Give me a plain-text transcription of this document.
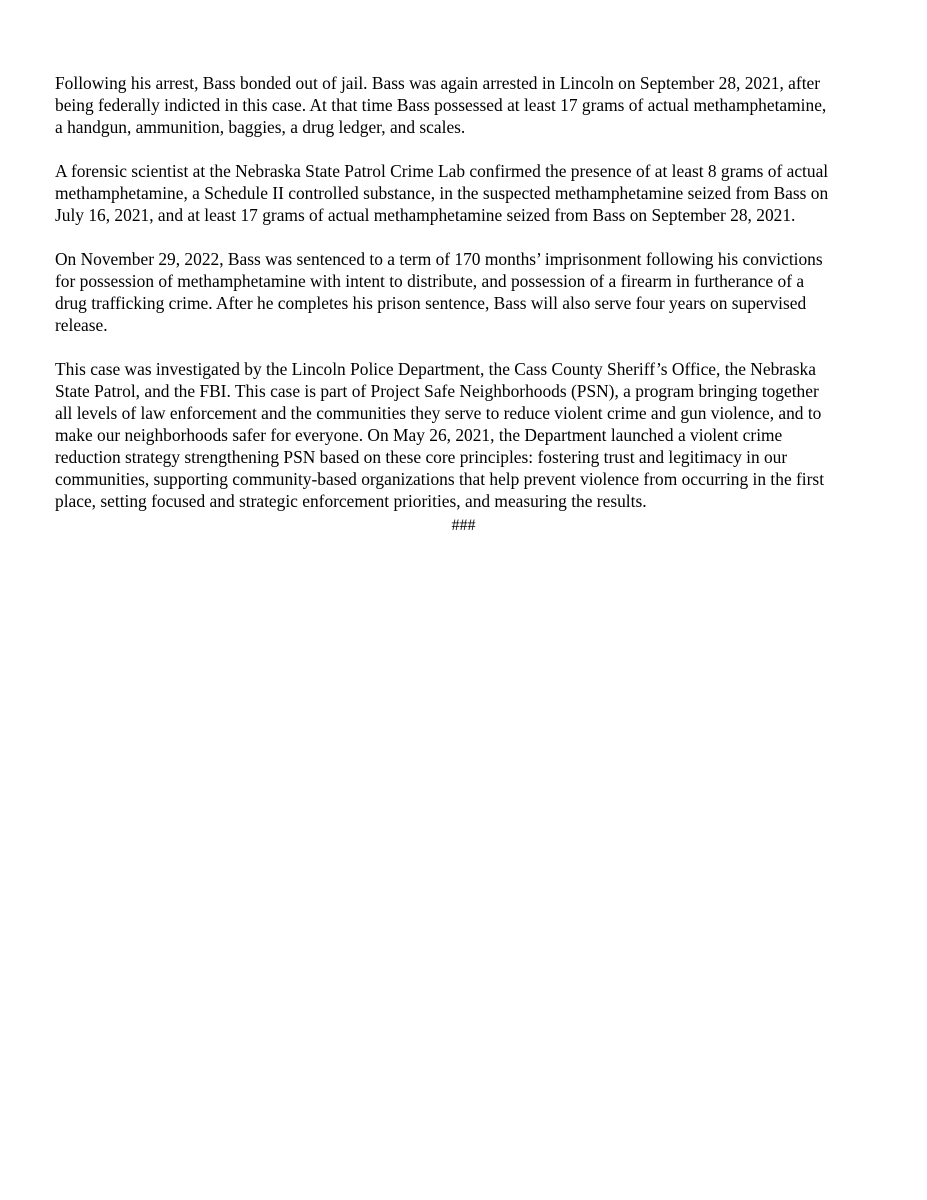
Following his arrest, Bass bonded out of jail. Bass was again arrested in Lincoln on September 28, 2021, after
being federally indicted in this case. At that time Bass possessed at least 17 grams of actual methamphetamine,
a handgun, ammunition, baggies, a drug ledger, and scales.

A forensic scientist at the Nebraska State Patrol Crime Lab confirmed the presence of at least 8 grams of actual
methamphetamine, a Schedule II controlled substance, in the suspected methamphetamine seized from Bass on
July 16, 2021, and at least 17 grams of actual methamphetamine seized from Bass on September 28, 2021.

On November 29, 2022, Bass was sentenced to a term of 170 months’ imprisonment following his convictions
for possession of methamphetamine with intent to distribute, and possession of a firearm in furtherance of a
drug trafficking crime. After he completes his prison sentence, Bass will also serve four years on supervised
release.

This case was investigated by the Lincoln Police Department, the Cass County Sheriff’s Office, the Nebraska
State Patrol, and the FBI. This case is part of Project Safe Neighborhoods (PSN), a program bringing together
all levels of law enforcement and the communities they serve to reduce violent crime and gun violence, and to
make our neighborhoods safer for everyone. On May 26, 2021, the Department launched a violent crime
reduction strategy strengthening PSN based on these core principles: fostering trust and legitimacy in our
communities, supporting community-based organizations that help prevent violence from occurring in the first
place, setting focused and strategic enforcement priorities, and measuring the results.

###
